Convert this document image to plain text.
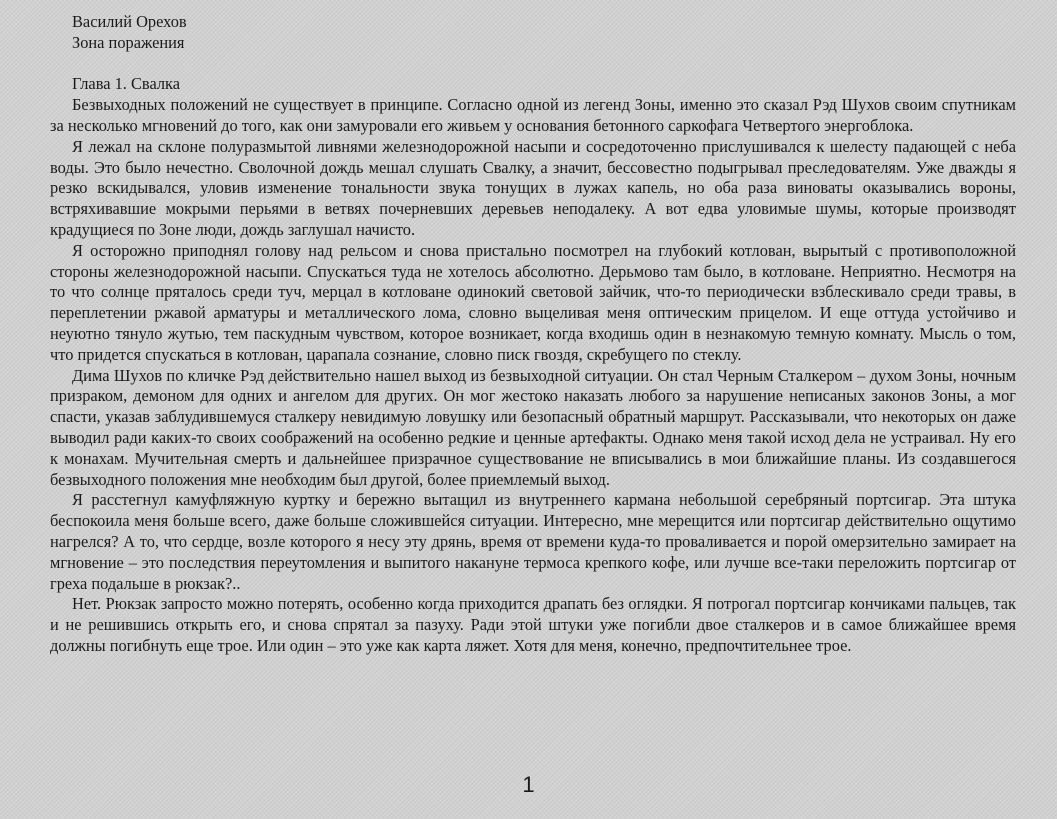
Василий Орехов

Зона поражения

Глава 1. Свалка

Безвыходных положений не существует в принципе. Согласно одной из легенд Зоны, именно это сказал Рэд Шухов своим спутникам за несколько мгновений до того, как они замуровали его живьем у основания бетонного саркофага Четвертого энергоблока.

Я лежал на склоне полуразмытой ливнями железнодорожной насыпи и сосредоточенно прислушивался к шелесту падающей с неба воды. Это было нечестно. Сволочной дождь мешал слушать Свалку, а значит, бессовестно подыгрывал преследователям. Уже дважды я резко вскидывался, уловив изменение тональности звука тонущих в лужах капель, но оба раза виноваты оказывались вороны, встряхивавшие мокрыми перьями в ветвях почерневших деревьев неподалеку. А вот едва уловимые шумы, которые производят крадущиеся по Зоне люди, дождь заглушал начисто.

Я осторожно приподнял голову над рельсом и снова пристально посмотрел на глубокий котлован, вырытый с противоположной стороны железнодорожной насыпи. Спускаться туда не хотелось абсолютно. Дерьмово там было, в котловане. Неприятно. Несмотря на то что солнце пряталось среди туч, мерцал в котловане одинокий световой зайчик, что-то периодически взблескивало среди травы, в переплетении ржавой арматуры и металлического лома, словно выцеливая меня оптическим прицелом. И еще оттуда устойчиво и неуютно тянуло жутью, тем паскудным чувством, которое возникает, когда входишь один в незнакомую темную комнату. Мысль о том, что придется спускаться в котлован, царапала сознание, словно писк гвоздя, скребущего по стеклу.

Дима Шухов по кличке Рэд действительно нашел выход из безвыходной ситуации. Он стал Черным Сталкером – духом Зоны, ночным призраком, демоном для одних и ангелом для других. Он мог жестоко наказать любого за нарушение неписаных законов Зоны, а мог спасти, указав заблудившемуся сталкеру невидимую ловушку или безопасный обратный маршрут. Рассказывали, что некоторых он даже выводил ради каких-то своих соображений на особенно редкие и ценные артефакты. Однако меня такой исход дела не устраивал. Ну его к монахам. Мучительная смерть и дальнейшее призрачное существование не вписывались в мои ближайшие планы. Из создавшегося безвыходного положения мне необходим был другой, более приемлемый выход.

Я расстегнул камуфляжную куртку и бережно вытащил из внутреннего кармана небольшой серебряный портсигар. Эта штука беспокоила меня больше всего, даже больше сложившейся ситуации. Интересно, мне мерещится или портсигар действительно ощутимо нагрелся? А то, что сердце, возле которого я несу эту дрянь, время от времени куда-то проваливается и порой омерзительно замирает на мгновение – это последствия переутомления и выпитого накануне термоса крепкого кофе, или лучше все-таки переложить портсигар от греха подальше в рюкзак?..

Нет. Рюкзак запросто можно потерять, особенно когда приходится драпать без оглядки. Я потрогал портсигар кончиками пальцев, так и не решившись открыть его, и снова спрятал за пазуху. Ради этой штуки уже погибли двое сталкеров и в самое ближайшее время должны погибнуть еще трое. Или один – это уже как карта ляжет. Хотя для меня, конечно, предпочтительнее трое.

1
